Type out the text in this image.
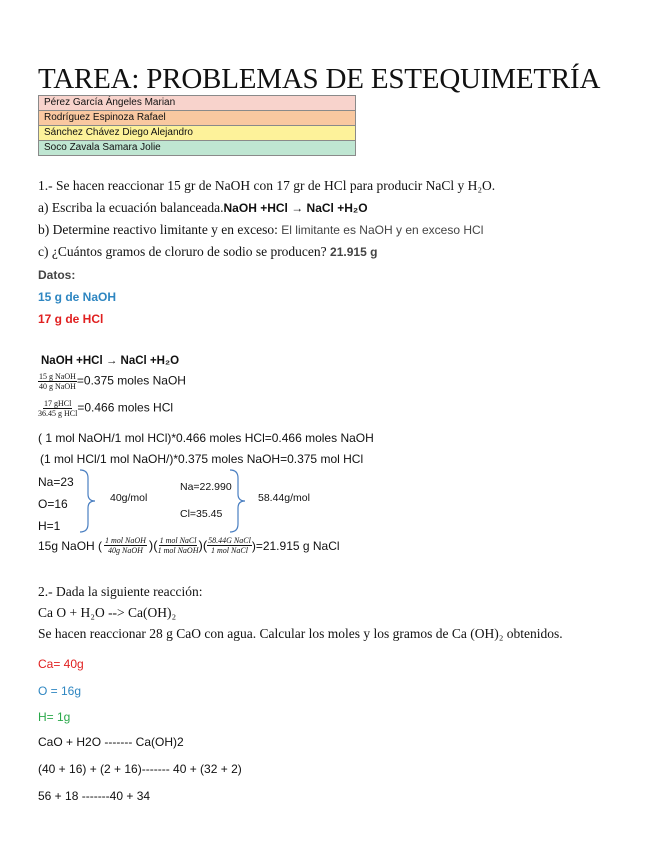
TAREA: PROBLEMAS DE ESTEQUIMETRÍA
Pérez García Ángeles Marian
Rodríguez Espinoza Rafael
Sánchez Chávez Diego Alejandro
Soco Zavala Samara Jolie
1.- Se hacen reaccionar 15 gr de NaOH con 17 gr de HCl para producir NaCl y H₂O.
a) Escriba la ecuación balanceada.NaOH +HCl → NaCl +H₂O
b) Determine reactivo limitante y en exceso: El limitante es NaOH y en exceso HCl
c) ¿Cuántos gramos de cloruro de sodio se producen? 21.915 g
Datos:
15 g de NaOH
17 g de HCl
NaOH +HCl → NaCl +H₂O
$\frac{\text{15 g NaOH}}{\text{40 g NaOH}} =0.375$ moles NaOH
$\frac{\text{17 gHCl}}{\text{36.45 g HCl}} =0.466$ moles HCl
( 1 mol NaOH/1 mol HCl)*0.466 moles HCl=0.466 moles NaOH
(1 mol HCl/1 mol NaOH/)*0.375 moles NaOH=0.375 mol HCl
Na=23
O=16
H=1
40g/mol
Na=22.990
Cl=35.45
58.44g/mol
15g NaOH ( $\frac{\text{1 mol NaOH}}{\text{40g NaOH}}$ )( $\frac{\text{1 mol NaCl}}{\text{1 mol NaOH}}$ )( $\frac{\text{58.44G NaCl}}{\text{1 mol NaCl}} )=21.915$ g NaCl
2.- Dada la siguiente reacción:
Ca O + H₂O --> Ca(OH)₂
Se hacen reaccionar 28 g CaO con agua. Calcular los moles y los gramos de Ca (OH)₂ obtenidos.
Ca= 40g
O = 16g
H= 1g
CaO + H2O ------- Ca(OH)2
(40 + 16) + (2 + 16)------- 40 + (32 + 2)
56 + 18 -------40 + 34
